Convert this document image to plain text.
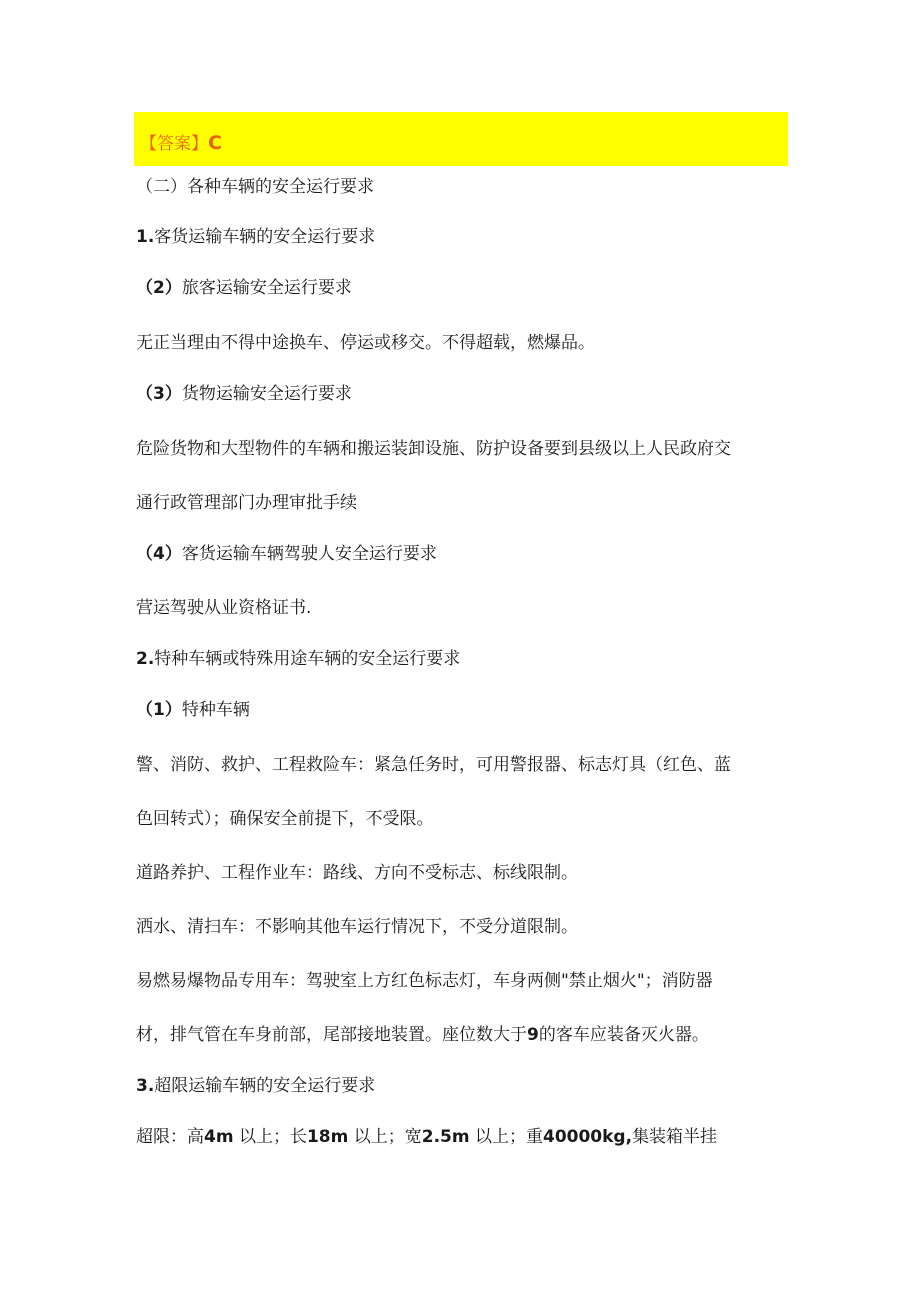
【答案】C
（二）各种车辆的安全运行要求
1.客货运输车辆的安全运行要求
（2）旅客运输安全运行要求
无正当理由不得中途换车、停运或移交。不得超载，燃爆品。
（3）货物运输安全运行要求
危险货物和大型物件的车辆和搬运装卸设施、防护设备要到县级以上人民政府交
通行政管理部门办理审批手续
（4）客货运输车辆驾驶人安全运行要求
营运驾驶从业资格证书.
2.特种车辆或特殊用途车辆的安全运行要求
（1）特种车辆
警、消防、救护、工程救险车：紧急任务时，可用警报器、标志灯具（红色、蓝
色回转式）；确保安全前提下，不受限。
道路养护、工程作业车：路线、方向不受标志、标线限制。
洒水、清扫车：不影响其他车运行情况下，不受分道限制。
易燃易爆物品专用车：驾驶室上方红色标志灯，车身两侧"禁止烟火"；消防器
材，排气管在车身前部，尾部接地装置。座位数大于9的客车应装备灭火器。
3.超限运输车辆的安全运行要求
超限：高4m 以上；长18m 以上；宽2.5m 以上；重40000kg,集装箱半挂
